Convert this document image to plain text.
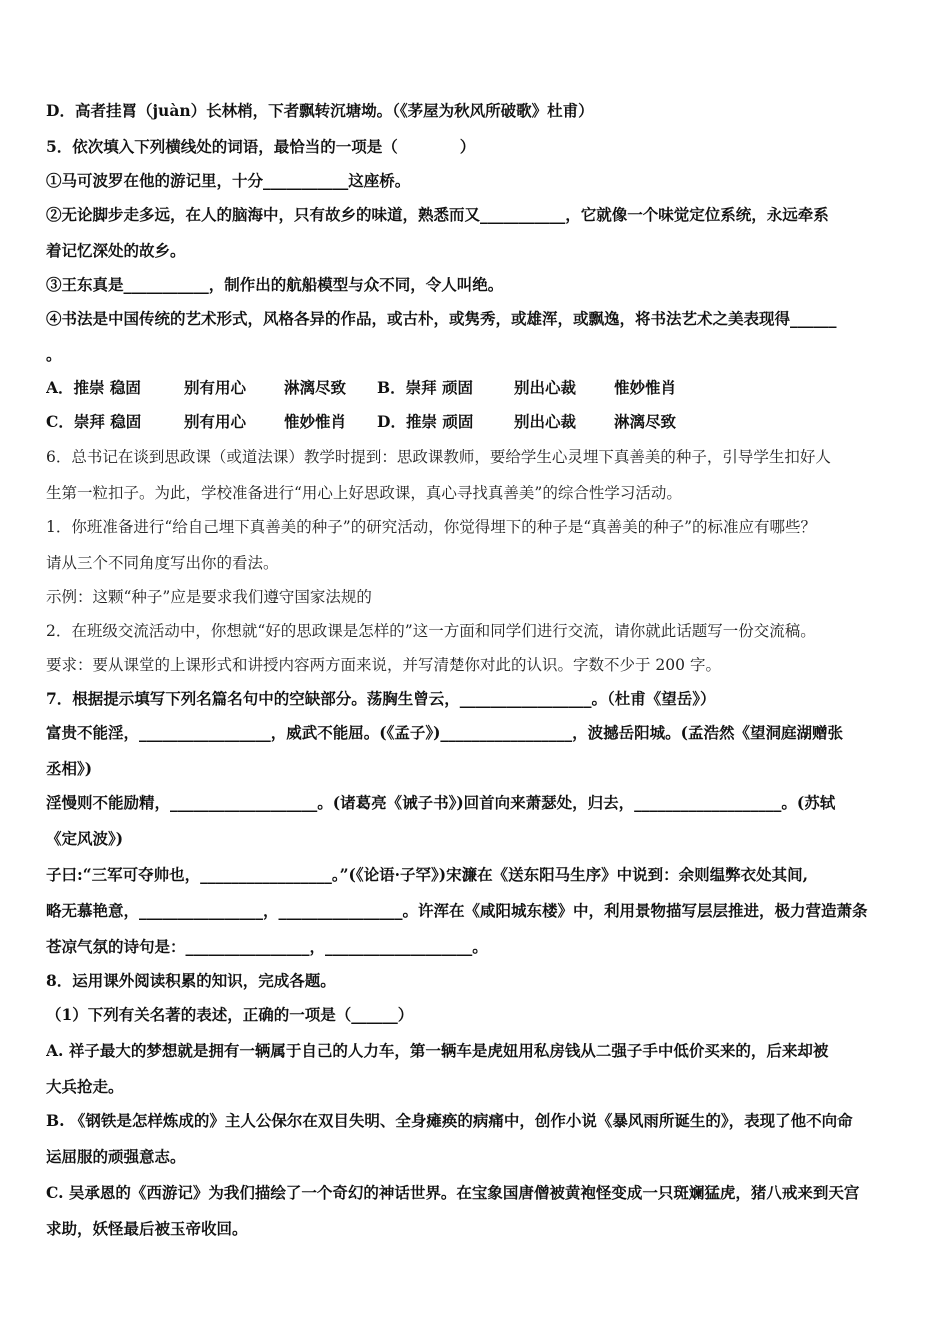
D．高者挂罥（juàn）长林梢，下者飘转沉塘坳。（《茅屋为秋风所破歌》杜甫）
5．依次填入下列横线处的词语，最恰当的一项是（　　　　）
①马可波罗在他的游记里，十分___________这座桥。
②无论脚步走多远，在人的脑海中，只有故乡的味道，熟悉而又___________，它就像一个味觉定位系统，永远牵系
着记忆深处的故乡。
③王东真是___________，制作出的航船模型与众不同，令人叫绝。
④书法是中国传统的艺术形式，风格各异的作品，或古朴，或隽秀，或雄浑，或飘逸，将书法艺术之美表现得______
。
A．推崇 稳固	别有用心 淋漓尽致 B．崇拜 顽固	别出心裁 惟妙惟肖
C．崇拜 稳固	别有用心 惟妙惟肖 D．推崇 顽固	别出心裁 淋漓尽致
6．总书记在谈到思政课（或道法课）教学时提到：思政课教师，要给学生心灵埋下真善美的种子，引导学生扣好人
生第一粒扣子。为此，学校准备进行“用心上好思政课，真心寻找真善美”的综合性学习活动。
1．你班准备进行“给自己埋下真善美的种子”的研究活动，你觉得埋下的种子是“真善美的种子”的标准应有哪些？
请从三个不同角度写出你的看法。
示例：这颗“种子”应是要求我们遵守国家法规的
2．在班级交流活动中，你想就“好的思政课是怎样的”这一方面和同学们进行交流，请你就此话题写一份交流稿。
要求：要从课堂的上课形式和讲授内容两方面来说，并写清楚你对此的认识。字数不少于 200 字。
7．根据提示填写下列名篇名句中的空缺部分。荡胸生曾云，_________________。（杜甫《望岳》）
富贵不能淫，_________________，威武不能屈。(《孟子》)_________________，波撼岳阳城。(孟浩然《望洞庭湖赠张
丞相》)
淫慢则不能励精，___________________。(诸葛亮《诫子书》)回首向来萧瑟处，归去，___________________。(苏轼
《定风波》)
子曰:“三军可夺帅也，_________________。”(《论语·子罕》)宋濂在《送东阳马生序》中说到：余则缊弊衣处其间,
略无慕艳意，________________，________________。许浑在《咸阳城东楼》中，利用景物描写层层推进，极力营造萧条
苍凉气氛的诗句是：________________，___________________。
8．运用课外阅读积累的知识，完成各题。
（1）下列有关名著的表述，正确的一项是（______）
A. 祥子最大的梦想就是拥有一辆属于自己的人力车，第一辆车是虎妞用私房钱从二强子手中低价买来的，后来却被
大兵抢走。
B. 《钢铁是怎样炼成的》主人公保尔在双目失明、全身瘫痪的病痛中，创作小说《暴风雨所诞生的》，表现了他不向命
运屈服的顽强意志。
C. 吴承恩的《西游记》为我们描绘了一个奇幻的神话世界。在宝象国唐僧被黄袍怪变成一只斑斓猛虎，猪八戒来到天宫
求助，妖怪最后被玉帝收回。
